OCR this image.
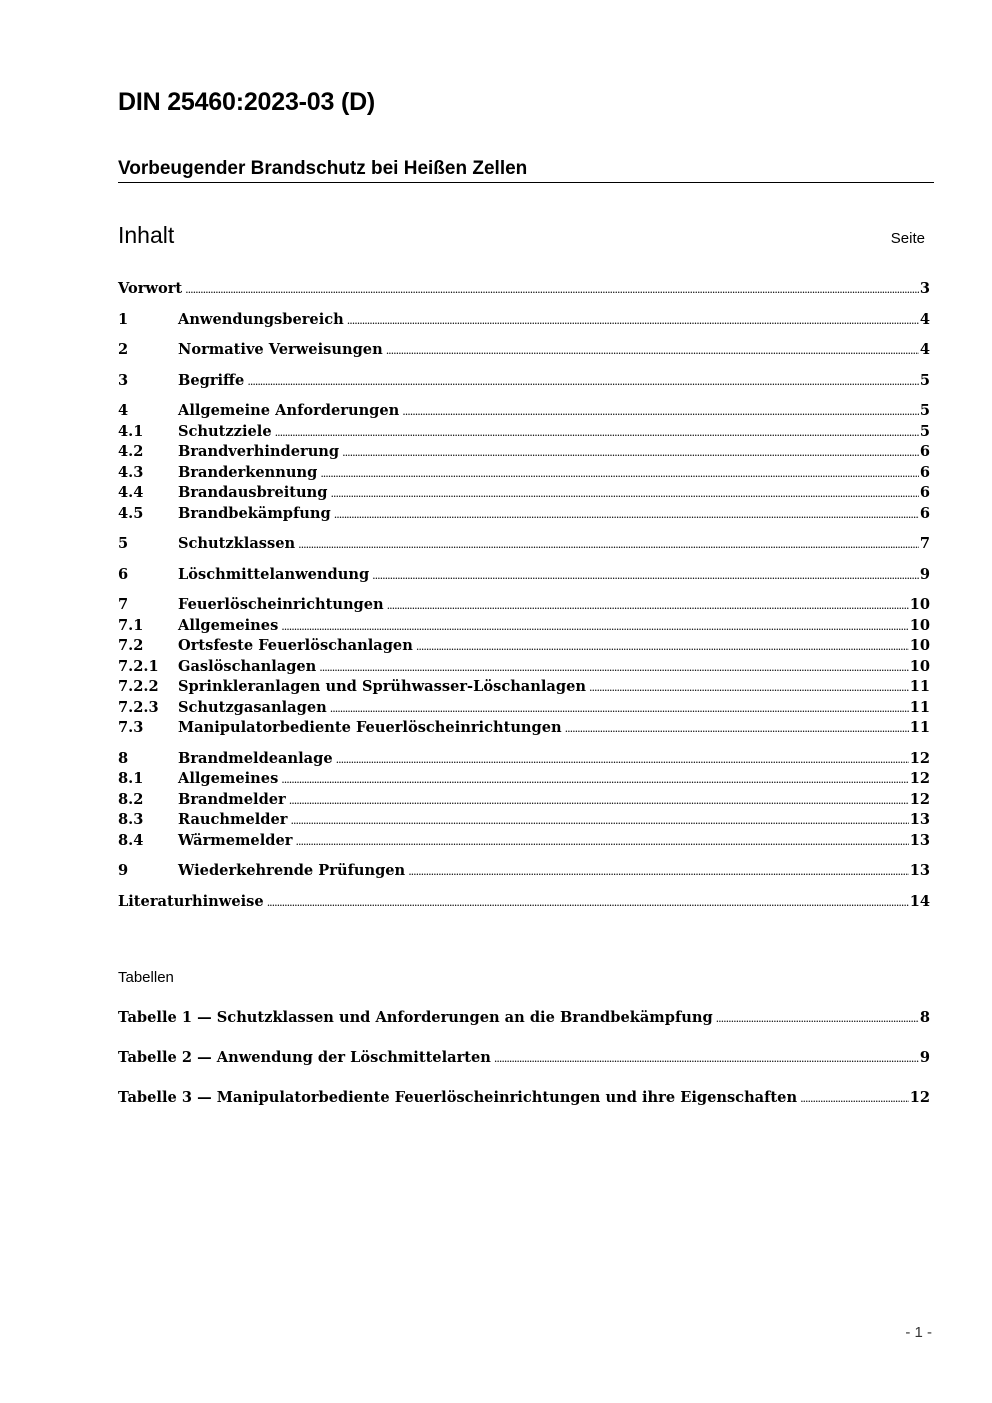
DIN 25460:2023-03 (D)
Vorbeugender Brandschutz bei Heißen Zellen
Inhalt	Seite
Vorwort .....	3
1	Anwendungsbereich .....	4
2	Normative Verweisungen .....	4
3	Begriffe .....	5
4	Allgemeine Anforderungen .....	5
4.1	Schutzziele .....	5
4.2	Brandverhinderung .....	6
4.3	Branderkennung .....	6
4.4	Brandausbreitung .....	6
4.5	Brandbekämpfung .....	6
5	Schutzklassen .....	7
6	Löschmittelanwendung .....	9
7	Feuerlöscheinrichtungen .....	10
7.1	Allgemeines .....	10
7.2	Ortsfeste Feuerlöschanlagen .....	10
7.2.1	Gaslöschanlagen .....	10
7.2.2	Sprinkleranlagen und Sprühwasser-Löschanlagen .....	11
7.2.3	Schutzgasanlagen .....	11
7.3	Manipulatorbediente Feuerlöscheinrichtungen .....	11
8	Brandmeldeanlage .....	12
8.1	Allgemeines .....	12
8.2	Brandmelder .....	12
8.3	Rauchmelder .....	13
8.4	Wärmemelder .....	13
9	Wiederkehrende Prüfungen .....	13
Literaturhinweise .....	14
Tabellen
Tabelle 1 — Schutzklassen und Anforderungen an die Brandbekämpfung .....	8
Tabelle 2 — Anwendung der Löschmittelarten .....	9
Tabelle 3 — Manipulatorbediente Feuerlöscheinrichtungen und ihre Eigenschaften .....	12
- 1 -
